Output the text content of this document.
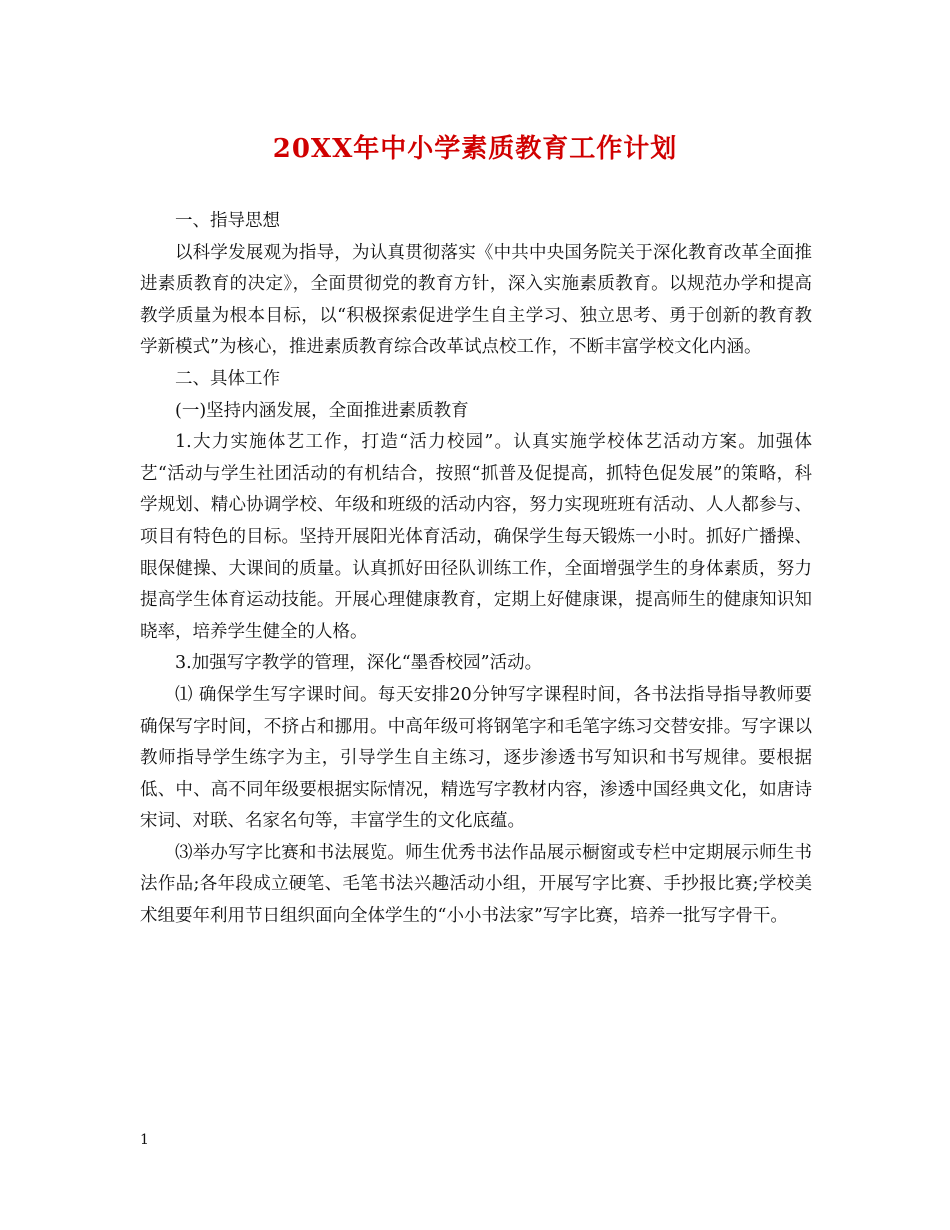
20XX年中小学素质教育工作计划

一、指导思想

以科学发展观为指导，为认真贯彻落实《中共中央国务院关于深化教育改革全面推进素质教育的决定》，全面贯彻党的教育方针，深入实施素质教育。以规范办学和提高教学质量为根本目标，以“积极探索促进学生自主学习、独立思考、勇于创新的教育教学新模式”为核心，推进素质教育综合改革试点校工作，不断丰富学校文化内涵。

二、具体工作

(一)坚持内涵发展，全面推进素质教育

1.大力实施体艺工作，打造“活力校园”。认真实施学校体艺活动方案。加强体艺“活动与学生社团活动的有机结合，按照“抓普及促提高，抓特色促发展”的策略，科学规划、精心协调学校、年级和班级的活动内容，努力实现班班有活动、人人都参与、项目有特色的目标。坚持开展阳光体育活动，确保学生每天锻炼一小时。抓好广播操、眼保健操、大课间的质量。认真抓好田径队训练工作，全面增强学生的身体素质，努力提高学生体育运动技能。开展心理健康教育，定期上好健康课，提高师生的健康知识知晓率，培养学生健全的人格。

3.加强写字教学的管理，深化“墨香校园”活动。

⑴ 确保学生写字课时间。每天安排20分钟写字课程时间，各书法指导指导教师要确保写字时间，不挤占和挪用。中高年级可将钢笔字和毛笔字练习交替安排。写字课以教师指导学生练字为主，引导学生自主练习，逐步渗透书写知识和书写规律。要根据低、中、高不同年级要根据实际情况，精选写字教材内容，渗透中国经典文化，如唐诗宋词、对联、名家名句等，丰富学生的文化底蕴。

⑶举办写字比赛和书法展览。师生优秀书法作品展示橱窗或专栏中定期展示师生书法作品;各年段成立硬笔、毛笔书法兴趣活动小组，开展写字比赛、手抄报比赛;学校美术组要年利用节日组织面向全体学生的“小小书法家”写字比赛，培养一批写字骨干。

1
